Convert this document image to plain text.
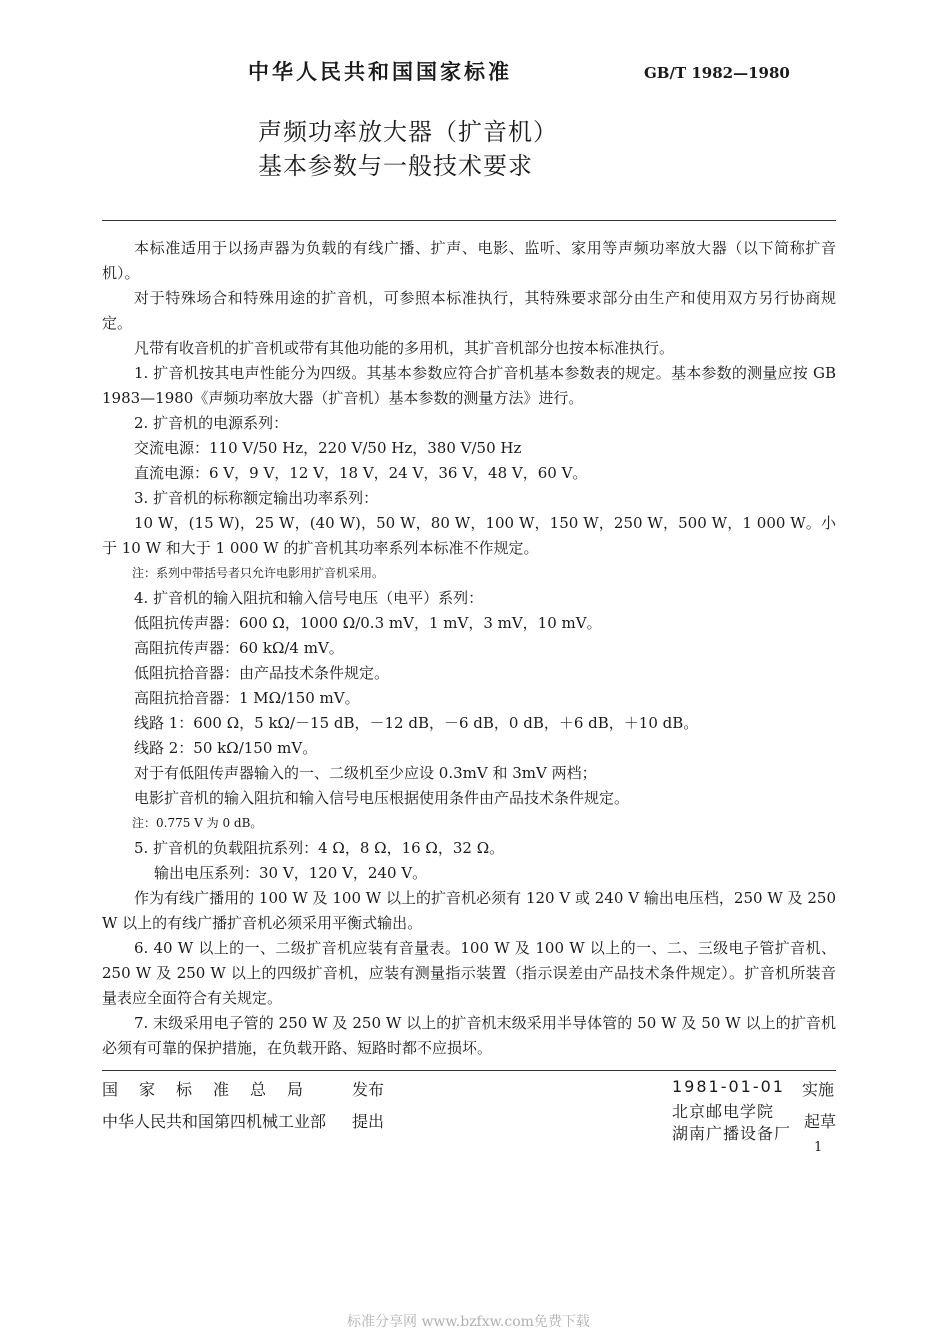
中华人民共和国国家标准	GB/T 1982—1980
声频功率放大器（扩音机）
基本参数与一般技术要求

本标准适用于以扬声器为负载的有线广播、扩声、电影、监听、家用等声频功率放大器（以下简称扩音机）。

对于特殊场合和特殊用途的扩音机，可参照本标准执行，其特殊要求部分由生产和使用双方另行协商规定。

凡带有收音机的扩音机或带有其他功能的多用机，其扩音机部分也按本标准执行。

1. 扩音机按其电声性能分为四级。其基本参数应符合扩音机基本参数表的规定。基本参数的测量应按 GB 1983—1980《声频功率放大器（扩音机）基本参数的测量方法》进行。

2. 扩音机的电源系列：

交流电源：110 V/50 Hz，220 V/50 Hz，380 V/50 Hz

直流电源：6 V，9 V，12 V，18 V，24 V，36 V，48 V，60 V。

3. 扩音机的标称额定输出功率系列：

10 W，(15 W)，25 W，(40 W)，50 W，80 W，100 W，150 W，250 W，500 W，1 000 W。小于 10 W 和大于 1 000 W 的扩音机其功率系列本标准不作规定。

注：系列中带括号者只允许电影用扩音机采用。

4. 扩音机的输入阻抗和输入信号电压（电平）系列：

低阻抗传声器：600 Ω，1000 Ω/0.3 mV，1 mV，3 mV，10 mV。

高阻抗传声器：60 kΩ/4 mV。

低阻抗拾音器：由产品技术条件规定。

高阻抗拾音器：1 MΩ/150 mV。

线路 1：600 Ω，5 kΩ/－15 dB，－12 dB，－6 dB，0 dB，＋6 dB，＋10 dB。

线路 2：50 kΩ/150 mV。

对于有低阻传声器输入的一、二级机至少应设 0.3mV 和 3mV 两档；

电影扩音机的输入阻抗和输入信号电压根据使用条件由产品技术条件规定。

注：0.775 V 为 0 dB。

5. 扩音机的负载阻抗系列：4 Ω，8 Ω，16 Ω，32 Ω。

输出电压系列：30 V，120 V，240 V。

作为有线广播用的 100 W 及 100 W 以上的扩音机必须有 120 V 或 240 V 输出电压档，250 W 及 250 W 以上的有线广播扩音机必须采用平衡式输出。

6. 40 W 以上的一、二级扩音机应装有音量表。100 W 及 100 W 以上的一、二、三级电子管扩音机、250 W 及 250 W 以上的四级扩音机，应装有测量指示装置（指示误差由产品技术条件规定）。扩音机所装音量表应全面符合有关规定。

7. 末级采用电子管的 250 W 及 250 W 以上的扩音机末级采用半导体管的 50 W 及 50 W 以上的扩音机必须有可靠的保护措施，在负载开路、短路时都不应损坏。

国家标准总局 发布	1981-01-01 实施
中华人民共和国第四机械工业部 提出
北京邮电学院
湖南广播设备厂
起草
1
标准分享网 www.bzfxw.com免费下载
